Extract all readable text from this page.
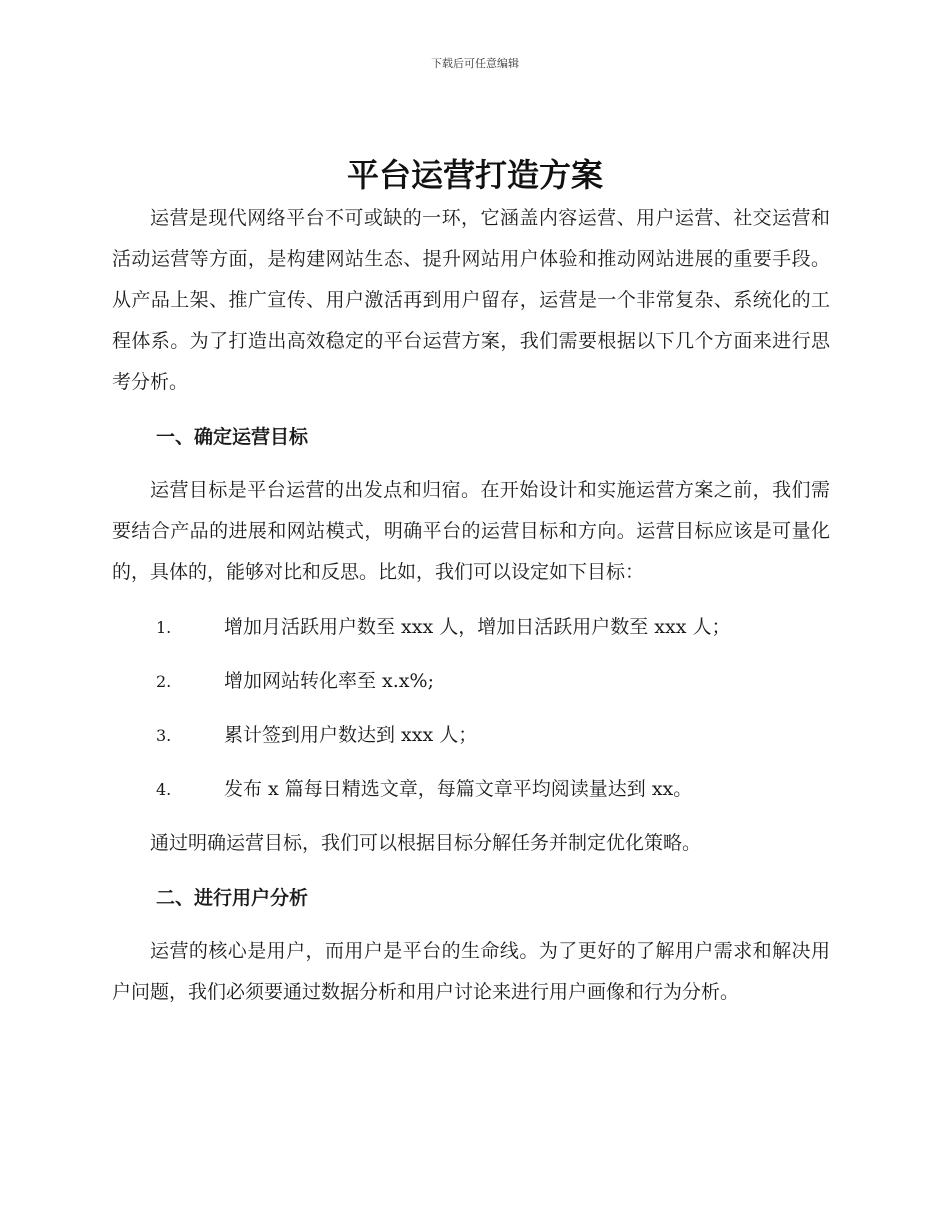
下载后可任意编辑
平台运营打造方案

运营是现代网络平台不可或缺的一环，它涵盖内容运营、用户运营、社交运营和活动运营等方面，是构建网站生态、提升网站用户体验和推动网站进展的重要手段。从产品上架、推广宣传、用户激活再到用户留存，运营是一个非常复杂、系统化的工程体系。为了打造出高效稳定的平台运营方案，我们需要根据以下几个方面来进行思考分析。

一、确定运营目标

运营目标是平台运营的出发点和归宿。在开始设计和实施运营方案之前，我们需要结合产品的进展和网站模式，明确平台的运营目标和方向。运营目标应该是可量化的，具体的，能够对比和反思。比如，我们可以设定如下目标：

1.	增加月活跃用户数至 xxx 人，增加日活跃用户数至 xxx 人；
2.	增加网站转化率至 x.x%;
3.	累计签到用户数达到 xxx 人；
4.	发布 x 篇每日精选文章，每篇文章平均阅读量达到 xx。

通过明确运营目标，我们可以根据目标分解任务并制定优化策略。

二、进行用户分析

运营的核心是用户，而用户是平台的生命线。为了更好的了解用户需求和解决用户问题，我们必须要通过数据分析和用户讨论来进行用户画像和行为分析。
